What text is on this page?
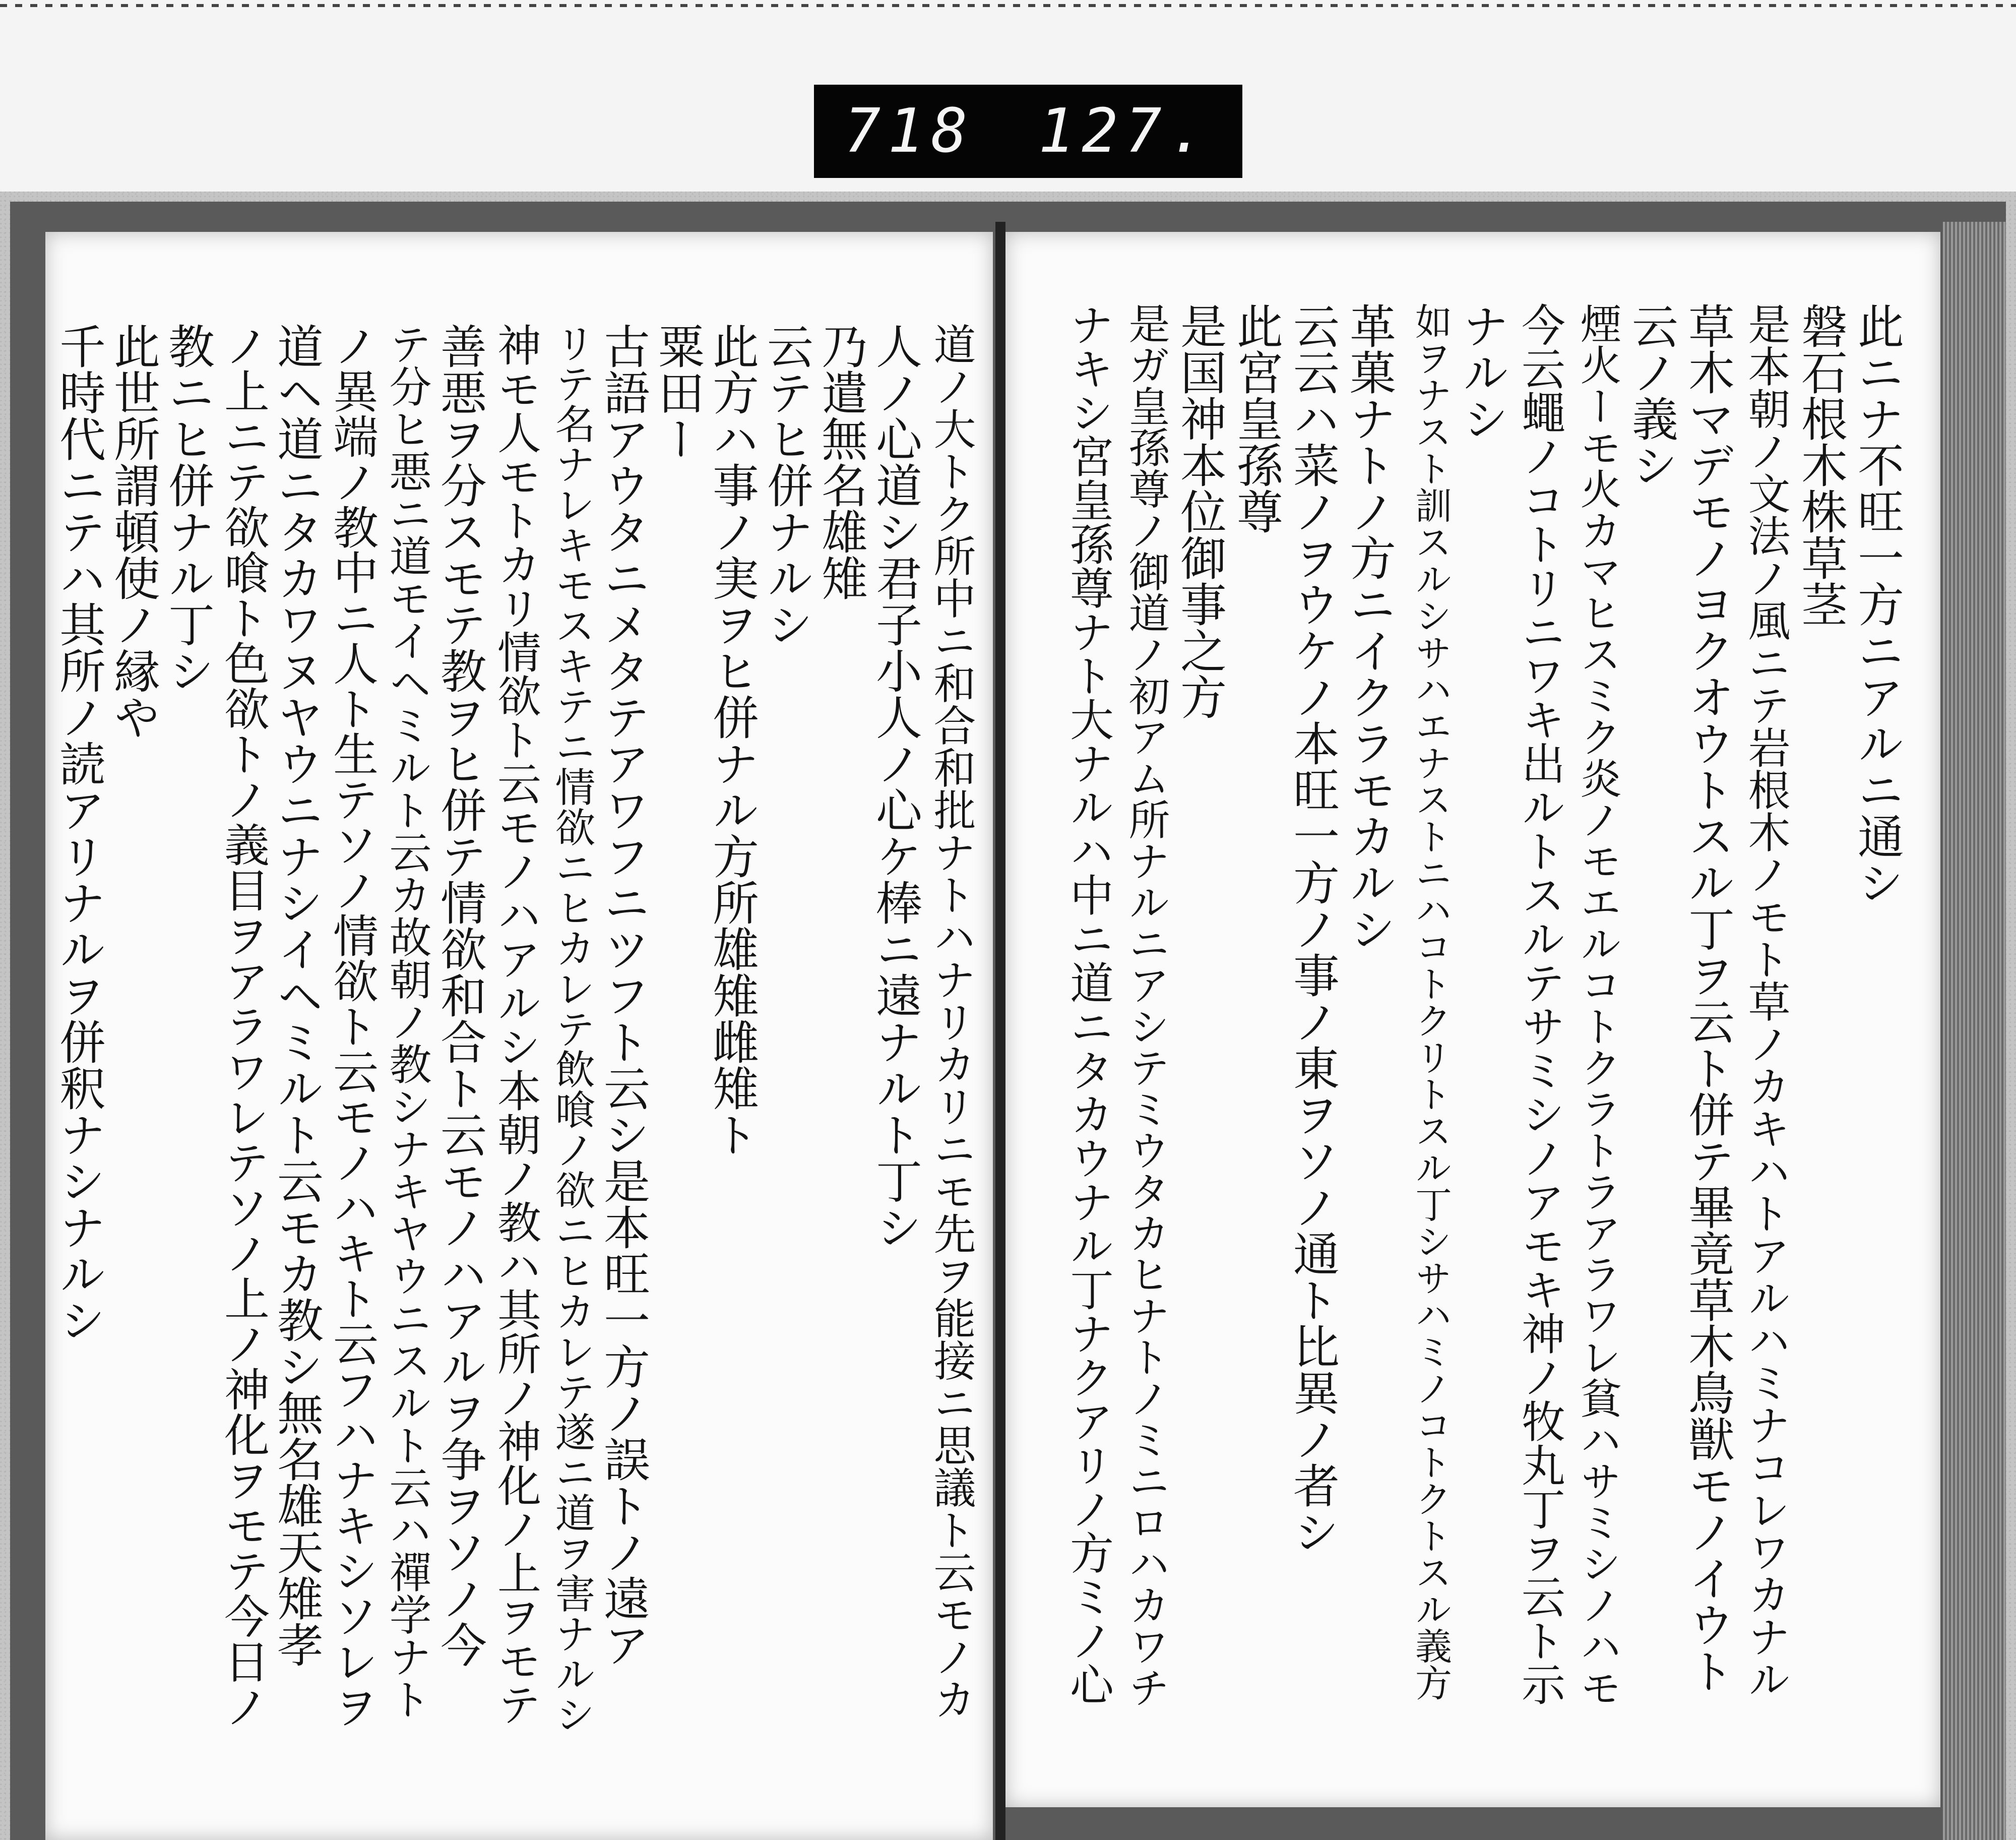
718 127.
道ノ大トク所中ニ和合和批ナトハナリカリニモ先ヲ能接ニ思議ト云モノカ
人ノ心道シ君子小人ノ心ケ棒ニ遠ナルト丁シ
乃遣無名雄雉
云テヒ併ナルシ
此方ハ事ノ実ヲヒ併ナル方所雄雉雌雉ト
粟田ー
古語アウタニメタテアワフニツフト云シ是本旺一方ノ誤トノ遠ア
リテ名ナレキモスキテニ情欲ニヒカレテ飲喰ノ欲ニヒカレテ遂ニ道ヲ害ナルシ
神モ人モトカリ情欲ト云モノハアルシ本朝ノ教ハ其所ノ神化ノ上ヲモテ
善悪ヲ分スモテ教ヲヒ併テ情欲和合ト云モノハアルヲ争ヲソノ今
テ分ヒ悪ニ道モイヘミルト云カ故朝ノ教シナキヤウニスルト云ハ禪学ナト
ノ異端ノ教中ニ人ト生テソノ情欲ト云モノハキト云フハナキシソレヲ
道ヘ道ニタカワヌヤウニナシイヘミルト云モカ教シ無名雄天雉孝
ノ上ニテ欲喰ト色欲トノ義目ヲアラワレテソノ上ノ神化ヲモテ今日ノ
教ニヒ併ナル丁シ
此世所謂頓使ノ縁や
千時代ニテハ其所ノ読アリナルヲ併釈ナシナルシ	此ニナ不旺一方ニアルニ通シ
磐石根木株草茎
是本朝ノ文法ノ風ニテ岩根木ノモト草ノカキハトアルハミナコレワカナル
草木マデモノヨクオウトスル丁ヲ云ト併テ畢竟草木鳥獣モノイウト
云ノ義シ
煙火ーモ火カマヒスミク炎ノモエルコトクラトラアラワレ貧ハサミシノハモ
今云蠅ノコトリニワキ出ルトスルテサミシノアモキ神ノ牧丸丁ヲ云ト示
ナルシ
如ヲナスト訓スルシサハエナストニハコトクリトスル丁シサハミノコトクトスル義方
革菓ナトノ方ニイクラモカルシ
云云ハ菜ノヲウケノ本旺一方ノ事ノ東ヲソノ通ト比異ノ者シ
此宮皇孫尊
是国神本位御事之方
是ガ皇孫尊ノ御道ノ初アム所ナルニアシテミウタカヒナトノミニロハカワチ
ナキシ宮皇孫尊ナト大ナルハ中ニ道ニタカウナル丁ナクアリノ方ミノ心
